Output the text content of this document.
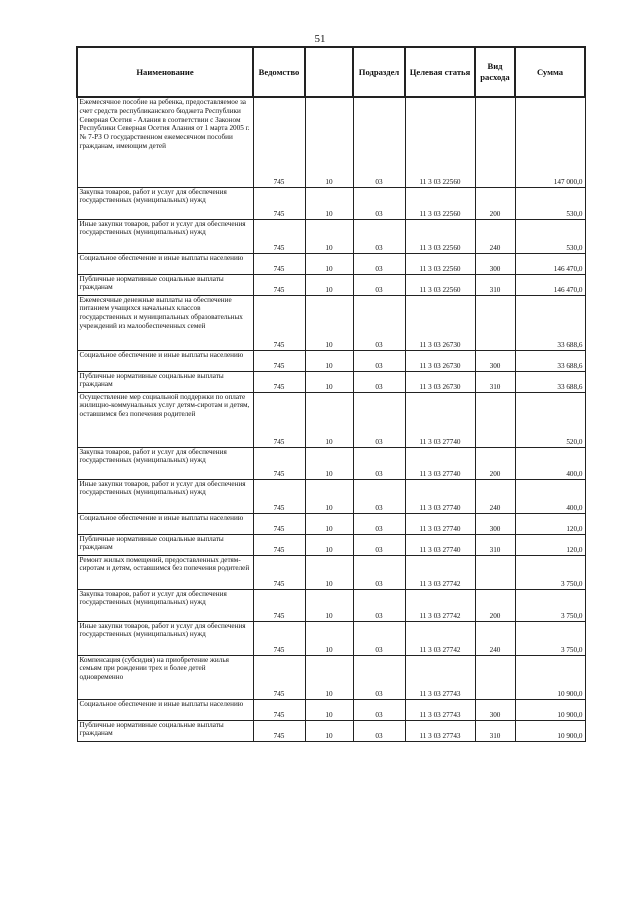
51
Наименование	Ведомство		Подраздел	Целевая статья	Вид расхода	Сумма
Ежемесячное пособие на ребенка, предоставляемое за счет средств республиканского бюджета Республики Северная Осетия - Алания в соответствии с Законом Республики Северная Осетия Алания от 1 марта 2005 г. № 7-РЗ О государственном ежемесячном пособии гражданам, имеющим детей	745	10	03	11 3 03 22560		147 000,0
Закупка товаров, работ и услуг для обеспечения государственных (муниципальных) нужд	745	10	03	11 3 03 22560	200	530,0
Иные закупки товаров, работ и услуг для обеспечения государственных (муниципальных) нужд	745	10	03	11 3 03 22560	240	530,0
Социальное обеспечение и иные выплаты населению	745	10	03	11 3 03 22560	300	146 470,0
Публичные нормативные социальные выплаты гражданам	745	10	03	11 3 03 22560	310	146 470,0
Ежемесячные денежные выплаты на обеспечение питанием учащихся начальных классов государственных и муниципальных образовательных учреждений из малообеспеченных семей	745	10	03	11 3 03 26730		33 688,6
Социальное обеспечение и иные выплаты населению	745	10	03	11 3 03 26730	300	33 688,6
Публичные нормативные социальные выплаты гражданам	745	10	03	11 3 03 26730	310	33 688,6
Осуществление мер социальной поддержки по оплате жилищно-коммунальных услуг детям-сиротам и детям, оставшимся без попечения родителей	745	10	03	11 3 03 27740		520,0
Закупка товаров, работ и услуг для обеспечения государственных (муниципальных) нужд	745	10	03	11 3 03 27740	200	400,0
Иные закупки товаров, работ и услуг для обеспечения государственных (муниципальных) нужд	745	10	03	11 3 03 27740	240	400,0
Социальное обеспечение и иные выплаты населению	745	10	03	11 3 03 27740	300	120,0
Публичные нормативные социальные выплаты гражданам	745	10	03	11 3 03 27740	310	120,0
Ремонт жилых помещений, предоставленных детям-сиротам и детям, оставшимся без попечения родителей	745	10	03	11 3 03 27742		3 750,0
Закупка товаров, работ и услуг для обеспечения государственных (муниципальных) нужд	745	10	03	11 3 03 27742	200	3 750,0
Иные закупки товаров, работ и услуг для обеспечения государственных (муниципальных) нужд	745	10	03	11 3 03 27742	240	3 750,0
Компенсация (субсидия) на приобретение жилья семьям при рождении трех и более детей одновременно	745	10	03	11 3 03 27743		10 900,0
Социальное обеспечение и иные выплаты населению	745	10	03	11 3 03 27743	300	10 900,0
Публичные нормативные социальные выплаты гражданам	745	10	03	11 3 03 27743	310	10 900,0
